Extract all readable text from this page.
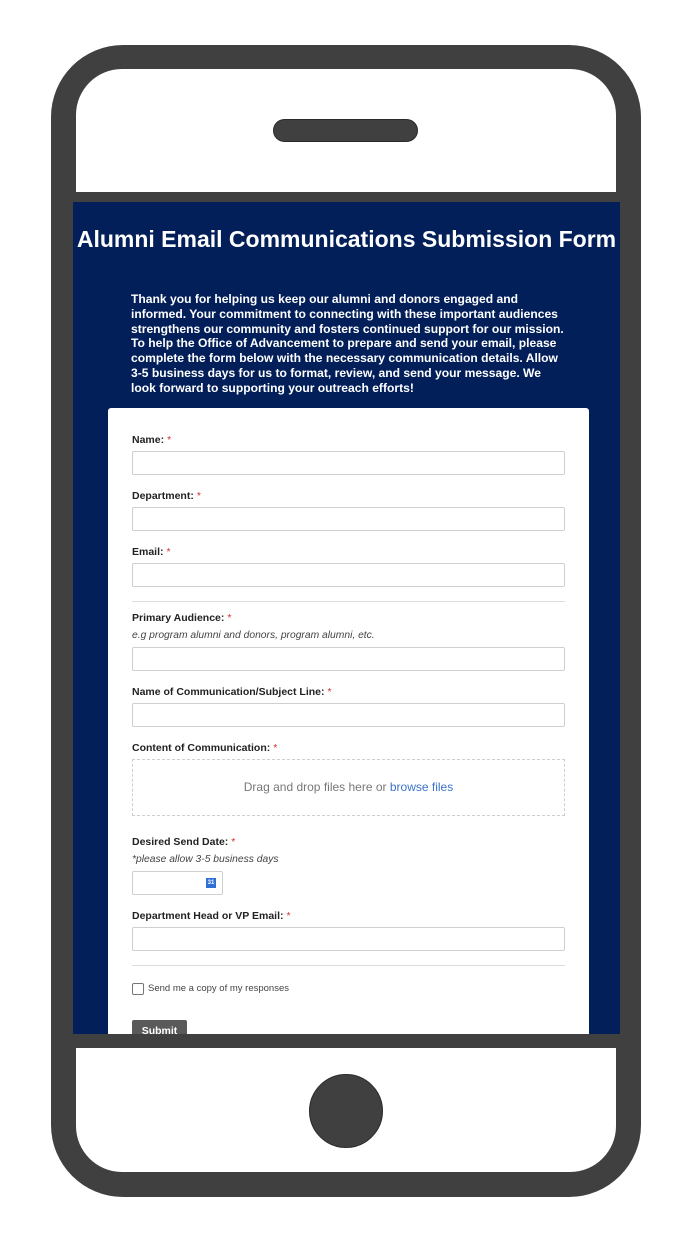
Alumni Email Communications Submission Form
Thank you for helping us keep our alumni and donors engaged and informed. Your commitment to connecting with these important audiences strengthens our community and fosters continued support for our mission. To help the Office of Advancement to prepare and send your email, please complete the form below with the necessary communication details. Allow 3-5 business days for us to format, review, and send your message. We look forward to supporting your outreach efforts!
Name: *
Department: *
Email: *
Primary Audience: *
e.g program alumni and donors, program alumni, etc.
Name of Communication/Subject Line: *
Content of Communication: *
Drag and drop files here or browse files
Desired Send Date: *
*please allow 3-5 business days
31
Department Head or VP Email: *
Send me a copy of my responses
Submit
